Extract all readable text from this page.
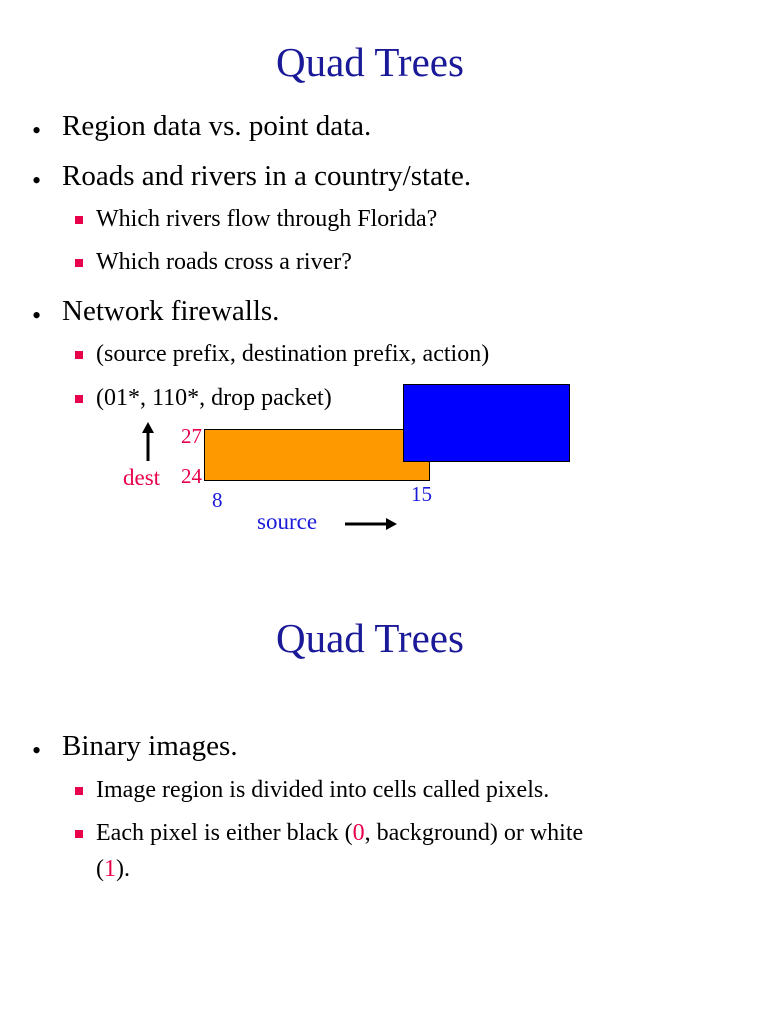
Quad Trees
• Region data vs. point data.
• Roads and rivers in a country/state.
Which rivers flow through Florida?
Which roads cross a river?
• Network firewalls.
(source prefix, destination prefix, action)
(01*, 110*, drop packet)
27
24
8	15
dest
source
Quad Trees
• Binary images.
Image region is divided into cells called pixels.
Each pixel is either black (0, background) or white
(1).
